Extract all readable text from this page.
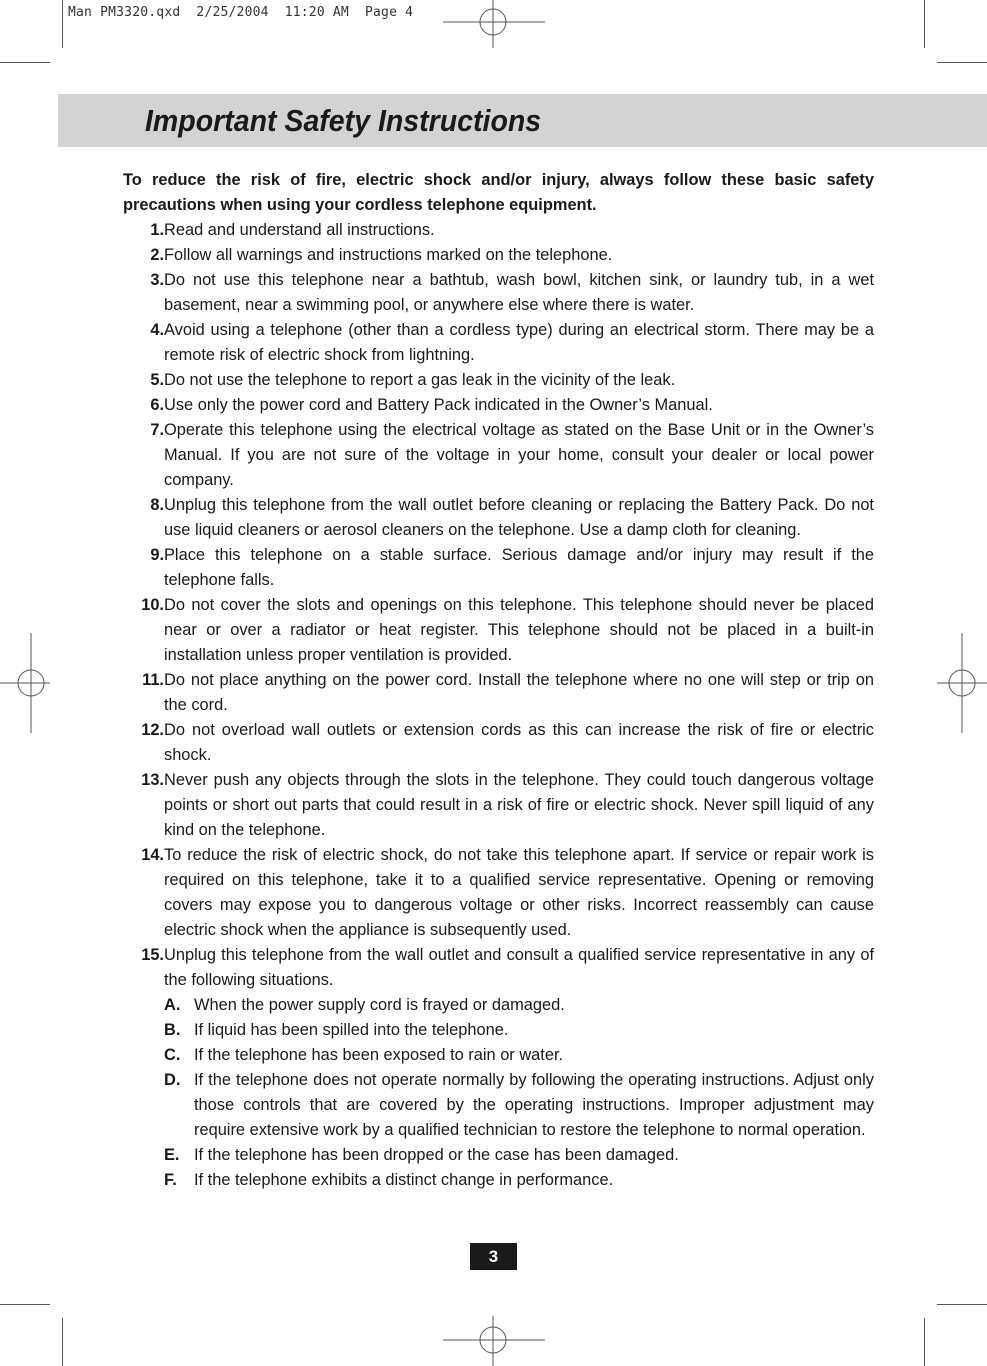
Man PM3320.qxd  2/25/2004  11:20 AM  Page 4
Important Safety Instructions

To reduce the risk of fire, electric shock and/or injury, always follow these basic safety precautions when using your cordless telephone equipment.

1. Read and understand all instructions.
2. Follow all warnings and instructions marked on the telephone.
3. Do not use this telephone near a bathtub, wash bowl, kitchen sink, or laundry tub, in a wet basement, near a swimming pool, or anywhere else where there is water.
4. Avoid using a telephone (other than a cordless type) during an electrical storm. There may be a remote risk of electric shock from lightning.
5. Do not use the telephone to report a gas leak in the vicinity of the leak.
6. Use only the power cord and Battery Pack indicated in the Owner’s Manual.
7. Operate this telephone using the electrical voltage as stated on the Base Unit or in the Owner’s Manual. If you are not sure of the voltage in your home, consult your dealer or local power company.
8. Unplug this telephone from the wall outlet before cleaning or replacing the Battery Pack. Do not use liquid cleaners or aerosol cleaners on the telephone. Use a damp cloth for cleaning.
9. Place this telephone on a stable surface. Serious damage and/or injury may result if the telephone falls.
10. Do not cover the slots and openings on this telephone. This telephone should never be placed near or over a radiator or heat register. This telephone should not be placed in a built-in installation unless proper ventilation is provided.
11. Do not place anything on the power cord. Install the telephone where no one will step or trip on the cord.
12. Do not overload wall outlets or extension cords as this can increase the risk of fire or electric shock.
13. Never push any objects through the slots in the telephone. They could touch dangerous voltage points or short out parts that could result in a risk of fire or electric shock. Never spill liquid of any kind on the telephone.
14. To reduce the risk of electric shock, do not take this telephone apart. If service or repair work is required on this telephone, take it to a qualified service representative. Opening or removing covers may expose you to dangerous voltage or other risks. Incorrect reassembly can cause electric shock when the appliance is subsequently used.
15. Unplug this telephone from the wall outlet and consult a qualified service representative in any of the following situations.
A. When the power supply cord is frayed or damaged.
B. If liquid has been spilled into the telephone.
C. If the telephone has been exposed to rain or water.
D. If the telephone does not operate normally by following the operating instructions. Adjust only those controls that are covered by the operating instructions. Improper adjustment may require extensive work by a qualified technician to restore the telephone to normal operation.
E. If the telephone has been dropped or the case has been damaged.
F.	If the telephone exhibits a distinct change in performance.
3
